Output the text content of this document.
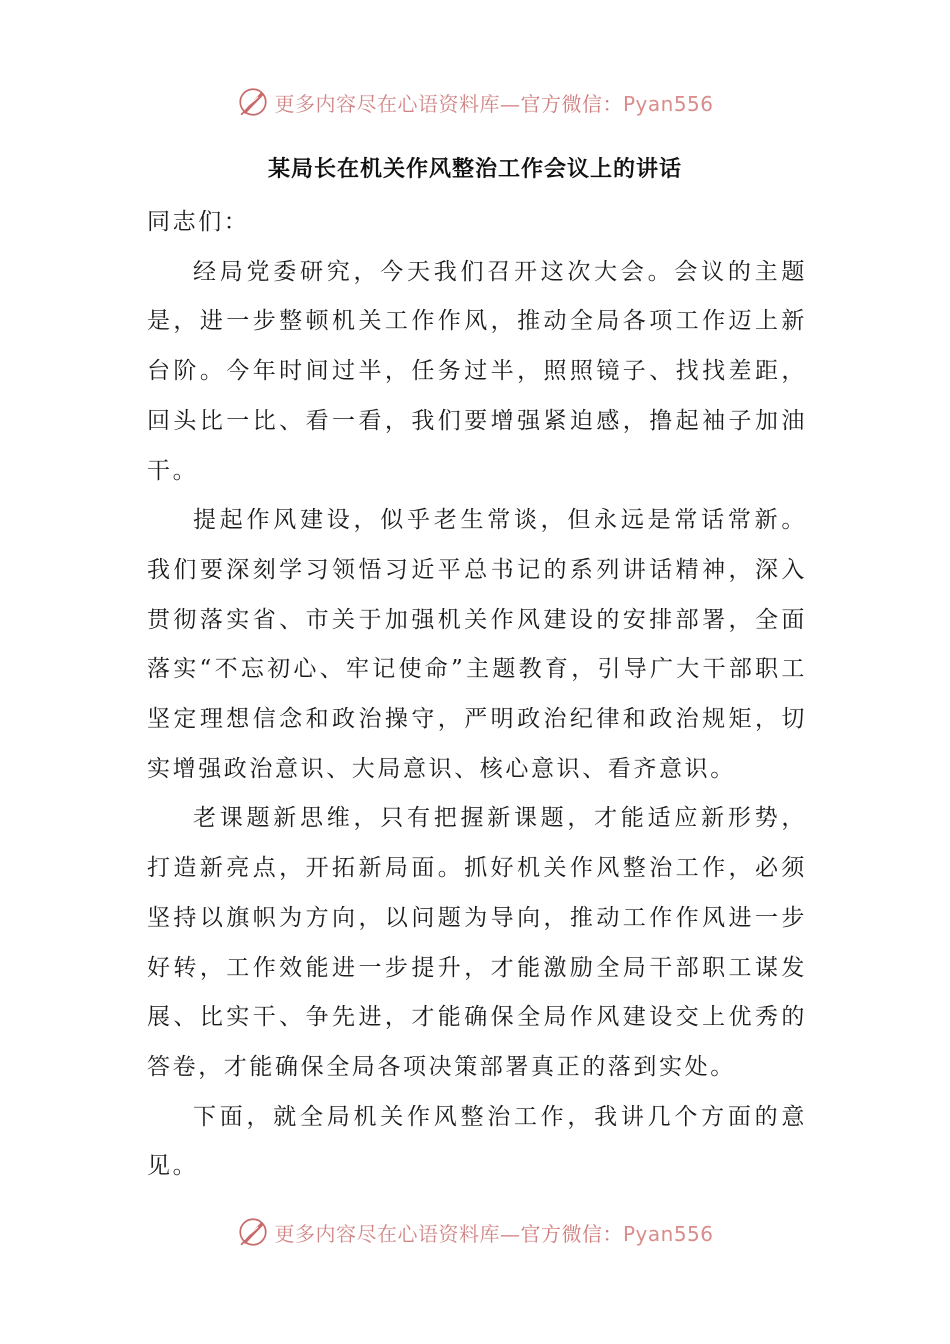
更多内容尽在心语资料库—官方微信：Pyan556
某局长在机关作风整治工作会议上的讲话

同志们：

经局党委研究，今天我们召开这次大会。会议的主题是，进一步整顿机关工作作风，推动全局各项工作迈上新台阶。今年时间过半，任务过半，照照镜子、找找差距，回头比一比、看一看，我们要增强紧迫感，撸起袖子加油干。

提起作风建设，似乎老生常谈，但永远是常话常新。我们要深刻学习领悟习近平总书记的系列讲话精神，深入贯彻落实省、市关于加强机关作风建设的安排部署，全面落实“不忘初心、牢记使命”主题教育，引导广大干部职工坚定理想信念和政治操守，严明政治纪律和政治规矩，切实增强政治意识、大局意识、核心意识、看齐意识。

老课题新思维，只有把握新课题，才能适应新形势，打造新亮点，开拓新局面。抓好机关作风整治工作，必须坚持以旗帜为方向，以问题为导向，推动工作作风进一步好转，工作效能进一步提升，才能激励全局干部职工谋发展、比实干、争先进，才能确保全局作风建设交上优秀的答卷，才能确保全局各项决策部署真正的落到实处。

下面，就全局机关作风整治工作，我讲几个方面的意见。

更多内容尽在心语资料库—官方微信：Pyan556
